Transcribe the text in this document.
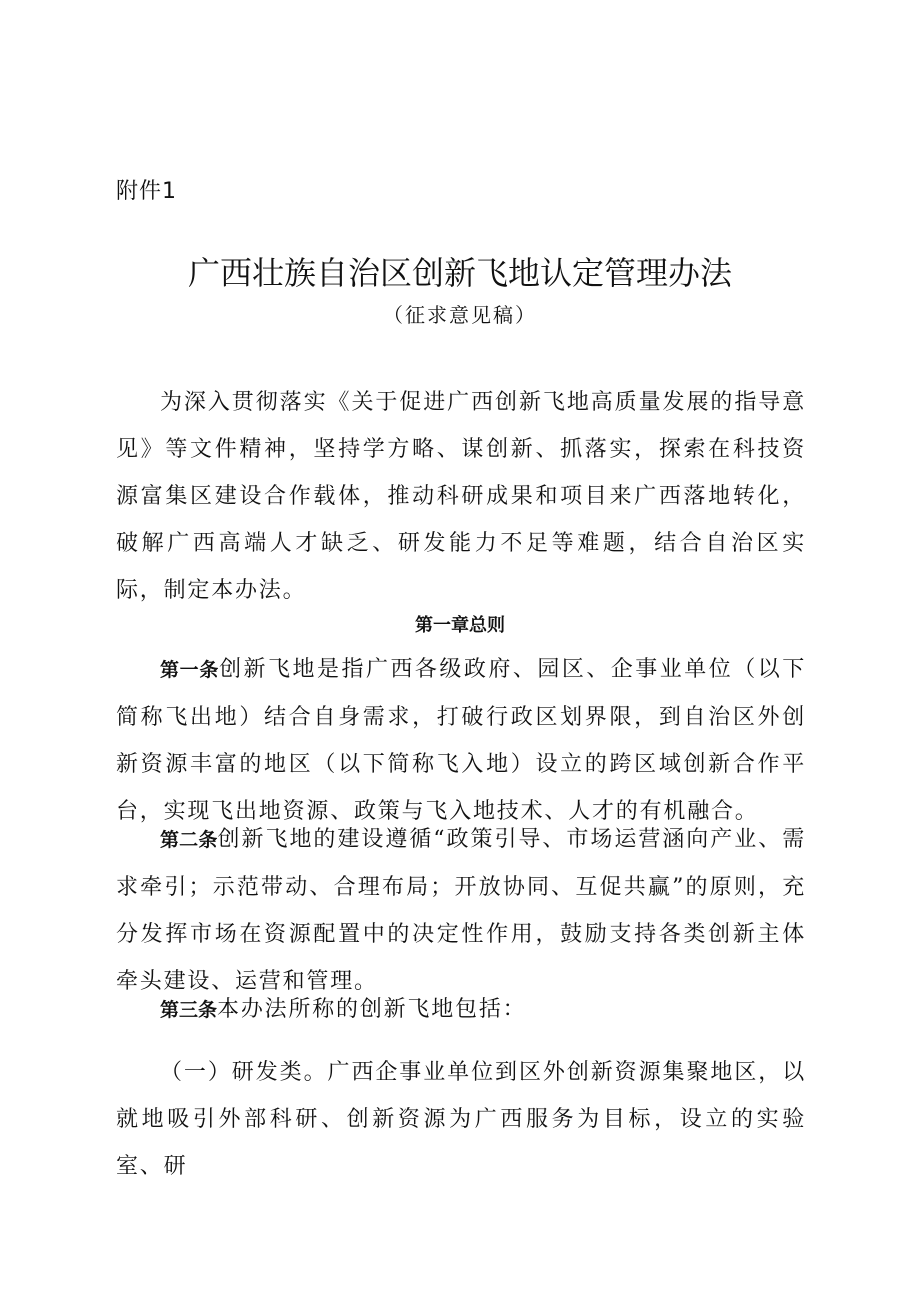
附件1
广西壮族自治区创新飞地认定管理办法
（征求意见稿）

为深入贯彻落实《关于促进广西创新飞地高质量发展的指导意见》等文件精神，坚持学方略、谋创新、抓落实，探索在科技资源富集区建设合作载体，推动科研成果和项目来广西落地转化，破解广西高端人才缺乏、研发能力不足等难题，结合自治区实际，制定本办法。

第一章总则

第一条创新飞地是指广西各级政府、园区、企事业单位（以下简称飞出地）结合自身需求，打破行政区划界限，到自治区外创新资源丰富的地区（以下简称飞入地）设立的跨区域创新合作平台，实现飞出地资源、政策与飞入地技术、人才的有机融合。

第二条创新飞地的建设遵循“政策引导、市场运营涵向产业、需求牵引；示范带动、合理布局；开放协同、互促共赢”的原则，充分发挥市场在资源配置中的决定性作用，鼓励支持各类创新主体牵头建设、运营和管理。

第三条本办法所称的创新飞地包括：

（一）研发类。广西企事业单位到区外创新资源集聚地区，以就地吸引外部科研、创新资源为广西服务为目标，设立的实验室、研
